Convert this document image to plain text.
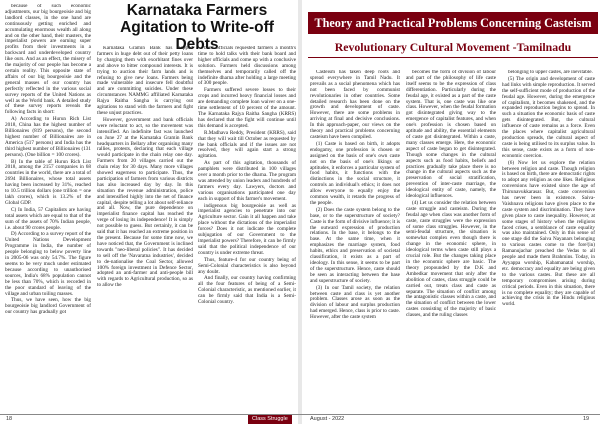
because of such economic adjustments, our big bourgeoisie and big landlord classes, in the one hand are continuously getting enriched and accumulating enormous wealth all along and on the other hand, their masters, the imperialist powers are earning super profits from their investments in a backward and underdeveloped country like ours. And as an effect, the misery of the majority of our people has become a certain reality. This opposite state of affairs of our big bourgeoisie and the general masses of our country has perfectly reflected in the various social survey reports of the United Nations as well as the World bank. A detailed study of these survey reports reveals the following facts in short:

A) According to Hurun Rich List 2018, China has the highest number of Billionaires (819 persons), the second highest number of Billionaires are in America (517 persons) and India has the third highest number of Billionaires (131 persons). (One billion = 100 crores).

B) In the table of Hurun Rich List 2018, among the 2157 companies in 68 countries in the world, there are a total of 2694 Billionaires, whose total assets having been increased by 31%, reached to 10.5 trillion dollars (one trillion = one lakh crores), which is 13.2% of the Global GDP.

C) In India, 57 Capitalists are having total assets which are equal to that of the sum of the assets of 70% Indian people, i.e. about 90 crores people.

D) According to a survey report of the United Nations Development Programme in India, the number of people belonging to below poverty line in 2005-06 was only 54.7%. The figure seems to be very much under estimated because according to unauthorised sources, India's 68% population cannot be less than 70%, which is recorded in the poor standard of leaving of the village and urban toiling masses.

Thus, we have seen, how the big bourgeoisie big landlord Government of our country has gradually got

Karnataka Farmers Agitation to Write-off Debts

Karnataka Gramin Bank has slapped farmers in huge debt out of their petty loans by charging them with exorbitant fines over and above to bitter compound interests. It is trying to auction their farm lands and is refusing to give new loans. Farmers being made vulnerable and insecure fell doubtful and are committing suicides. Under these circumstances NAMMG affiliated Karnataka Rajya Raitha Sangha is carrying out agitations to stand with the farmers and fight these unjust practices.

However, government and bank officials were reluctant to act, so the movement was intensified. An indefinite fast was launched on June 27 at the Karnataka Gramin Bank headquarters in Bellary after organising many rallies, protests, declaring that each village would participate in the chain relay one day. Farmers from 20 villages carried out the chain relay for 30 days. Many more villages showed eagerness to participate. Thus, the participation of farmers from various districts has also increased day by day. In this situation the revenue administration, police and intensified highly into the net of finance capital, despite telling a lot about self-reliance and all. Now, the pure dependence on imperialist finance capital has reached the verge of losing its independence! It is simply not possible to guess. But certainly, it can be said that it has reached an extreme position in the present. Because for some time now, we have noticed that, the Government is inclined towards "neo-liberal policies". It has decided to sell off the 'Navaratna industries', decided to de-nationalise the Coal Sector, allowed 100% foreign investment in Defence Sector, adopted an anti-farmer and anti-people bill with regards to Agricultural production, so as to allow the

bank officials requested farmers a month's time to hold talks with their bank board and higher officials and come up with a conclusive solution. Farmers held discussions among themselves and temporarily called off the indefinite dharna after holding a large meeting of 300 people.

Farmers suffered severe losses to their crops and incurred heavy financial losses and are demanding complete loan waiver on a one-time settlement of 10 percent of the amount. The Karnataka Rajya Raitha Sangha (KRRS) has declared that the fight will continue until this demand is accepted.

R.Madhava Reddy, President (KRRS), said that they will wait till October as requested by the bank officials and if the issues are not resolved, they will again start a strong agitation.

As part of this agitation, thousands of pamphlets were distributed in 100 villages over a month prior to the dharna. The program was attended by union leaders and hundreds of farmers every day. Lawyers, doctors and various organisations participated one day each in support of this farmer's movement.

indigenous big bourgeoisie as well as imperialist agencies to penetrate into our Agriculture sector. Gain it all happen and take place without the dictations of the imperialist forces? Does it not indicate the complete subjugation of our Government to the imperialist powers? Therefore, it can be firmly said that the political independence of our country is under extreme threat.

Thus, feature-4 for our country being of Semi-Colonial characteristics is also beyond any doubt.

And finally, our country having confirming all the four features of being of a Semi-Colonial characteristic, as mentioned earlier, it can be firmly said that India is a Semi-Colonial country.

Theory and Practical Problems Concerning Casteism
Revolutionary Cultural Movement -Tamilnadu

Casteism has taken deep roots and spread everywhere in Tamil Nadu. It prevails as a social phenomena which has not been faced by communist revolutionaries in other countries. Some detailed research has been done on the growth and development of caste. However, there are some problems in arriving at final and decisive conclusions. In this approach-paper, our views on the theory and practical problems concerning casteism have been compiled.

(1) Caste is based on birth, it adopts endogamy, one profession is chosen or assigned on the basis of one's own caste not on the basis of one's likings or aptitudes, it enforces a particular system of food habits, it functions with the distinctions in the social structure, it controls an individual's ethics; it does not allow everyone to equally enjoy the common wealth, it retards the progress of the people.

(2) Does the caste system belong to the base, or to the superstructure of society? Caste is the form of divisive influence; it is the outward expression of production relations. In the base, it belongs to the base. At the same time, when it emphasizes the marriage system, food habits, ethics and preservation of societal classification, it exists as a part of ideology. In this sense, it seems to be part of the superstructure. Hence, caste should be seen as interacting between the base and superstructure of society.

(3) In our Tamil society, the relation between caste and class is yet another problem. Classes arose as soon as the division of labour and surplus production had emerged. Hence, class is prior to caste. However, after the caste system

becomes the form of division of labour and part of the philosophy of life caste itself seems to be the expression of class differentiation. Particularly during the feudal age, it existed as a part of the caste system. That is, one caste was like one class. However, when the feudal formation got disintegrated giving way to the emergence of capitalist features, and when one's profession is chosen based on aptitude and ability, the essential elements of caste got disintegrated. Within a caste, many classes emerge. Here, the economic aspect of caste began to get disintegrated. Though some changes in the cultural aspects such as food habits, beliefs and practices gradually take place there is no change in the cultural aspects such as the preservation of social stratification, prevention of inter-caste marriage, the ideological entity of caste, namely, the ideological influences.

(4) Let us consider the relation between caste struggle and casteism. During the feudal age when class was another form of caste, caste struggles were the expression of some class struggles. However, in the semi-feudal structure, the situation is somewhat complex even though there is change in the economic sphere, in ideological terms when caste still plays a crucial role. But the changes taking place in the economic sphere are basic. The theory propounded by the D.K and Ambedkar movement that only after the abolition of castes, class struggle could be carried out, treats class and caste as separate. The situation of conflict among the antagonistic classes within a caste, and the situation of conflict between the lower castes consisting of the majority of basic classes, and the ruling classes

belonging to upper castes, are inevitable.

(5) The origin and development of caste had links with simple reproduction. It served the self-sufficient mode of production of the feudal age. However, during the emergence of capitalism, it becomes shakened, and the expanded reproduction begins to spread. In such a situation the economic basis of caste gets disintegrated. But, the cultural influence of caste remains as a force. Even the places where capitalist agricultural production spreads, the cultural aspect of caste is being utilised to its surplus value. In this sense, caste exists as a form of non-economic coercion.

(6) Now let us explore the relation between religion and caste. Though religion is based on birth, there are democratic rights to adopt any religion as one likes. Religious conversions have existed since the age of Thirunavukkarasar. But, caste conversion has never been in existence. Saiva-Vaishnava religions have given place to the caste system and discrimination. They have given place to caste inequality. However, at some stages of history when the religions faced crises, a semblance of caste equality was also maintained. Only in this sense of one stage did the Saiva Nayanars belonging to various castes come to the fore'(in) Ramanujachar preached the Vedas to all people and made them Brahmins. Today, in Ayyappa worship, Kabamanatal worship, etc. democracy and equality are being given to the various castes. But these are all temporary compromises arising during critical periods. Even in this situation, there is no complete equality; they are capable of achieving the crisis in the Hindu religious world.

18	Class Struggle	August - 2022	19
